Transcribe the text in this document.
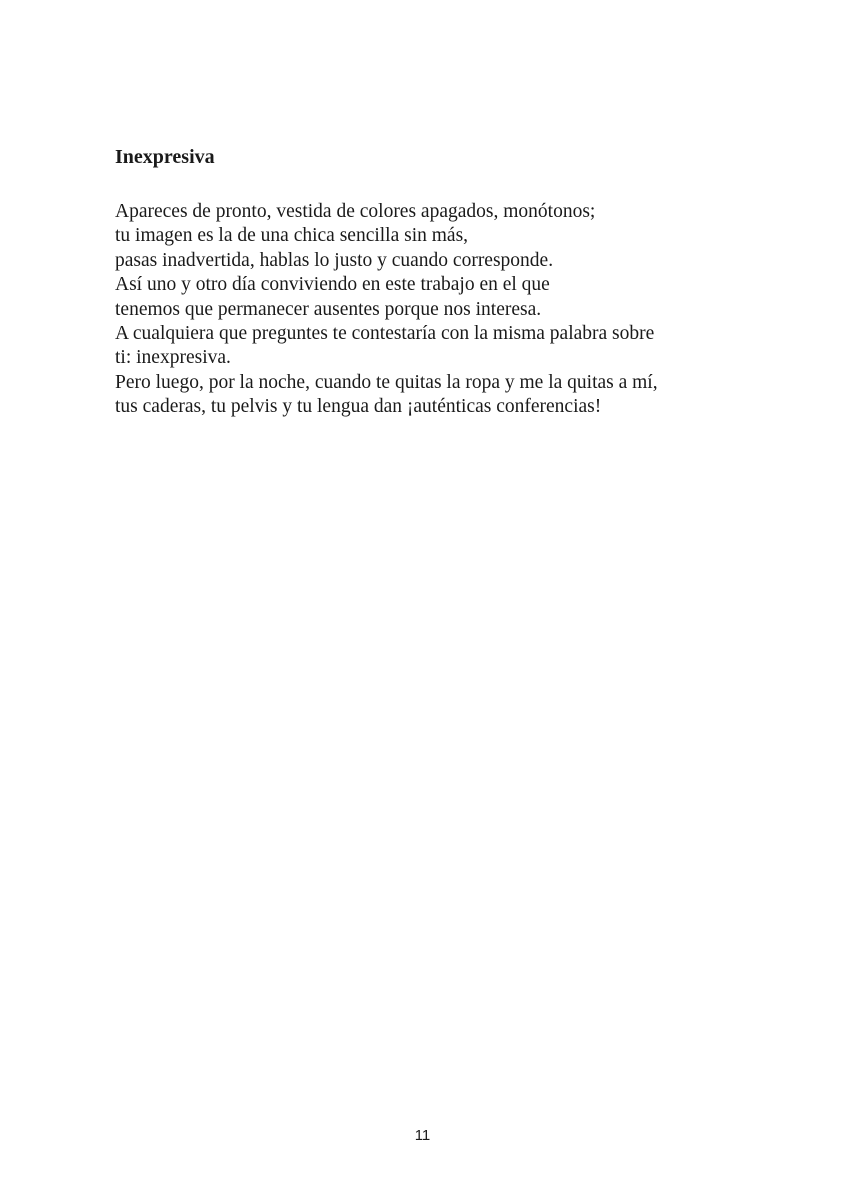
Inexpresiva
Apareces de pronto, vestida de colores apagados, monótonos;
tu imagen es la de una chica sencilla sin más,
pasas inadvertida, hablas lo justo y cuando corresponde.
Así uno y otro día conviviendo en este trabajo en el que
tenemos que permanecer ausentes porque nos interesa.
A cualquiera que preguntes te contestaría con la misma palabra sobre
ti: inexpresiva.
Pero luego, por la noche, cuando te quitas la ropa y me la quitas a mí,
tus caderas, tu pelvis y tu lengua dan ¡auténticas conferencias!
11
